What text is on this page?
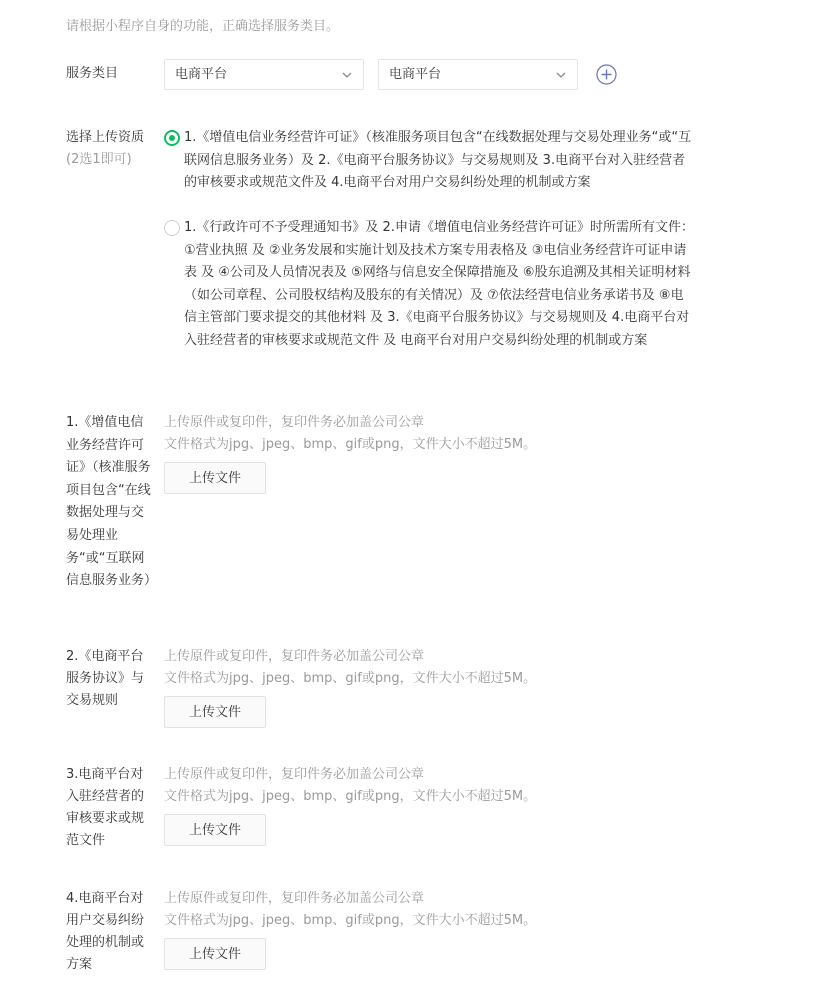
请根据小程序自身的功能，正确选择服务类目。
服务类目	电商平台	电商平台
选择上传资质
(2选1即可)
1.《增值电信业务经营许可证》（核准服务项目包含“在线数据处理与交易处理业务“或“互联网信息服务业务）及 2.《电商平台服务协议》与交易规则及 3.电商平台对入驻经营者的审核要求或规范文件及 4.电商平台对用户交易纠纷处理的机制或方案
1.《行政许可不予受理通知书》及 2.申请《增值电信业务经营许可证》时所需所有文件： ①营业执照 及 ②业务发展和实施计划及技术方案专用表格及 ③电信业务经营许可证申请表 及 ④公司及人员情况表及 ⑤网络与信息安全保障措施及 ⑥股东追溯及其相关证明材料（如公司章程、公司股权结构及股东的有关情况）及 ⑦依法经营电信业务承诺书及 ⑧电信主管部门要求提交的其他材料 及 3.《电商平台服务协议》与交易规则及 4.电商平台对入驻经营者的审核要求或规范文件 及 电商平台对用户交易纠纷处理的机制或方案
1.《增值电信业务经营许可证》（核准服务项目包含“在线数据处理与交易处理业务“或“互联网信息服务业务）
上传原件或复印件，复印件务必加盖公司公章
文件格式为jpg、jpeg、bmp、gif或png，文件大小不超过5M。
上传文件
2.《电商平台服务协议》与交易规则
上传原件或复印件，复印件务必加盖公司公章
文件格式为jpg、jpeg、bmp、gif或png，文件大小不超过5M。
上传文件
3.电商平台对入驻经营者的审核要求或规范文件
上传原件或复印件，复印件务必加盖公司公章
文件格式为jpg、jpeg、bmp、gif或png，文件大小不超过5M。
上传文件
4.电商平台对用户交易纠纷处理的机制或方案
上传原件或复印件，复印件务必加盖公司公章
文件格式为jpg、jpeg、bmp、gif或png，文件大小不超过5M。
上传文件
